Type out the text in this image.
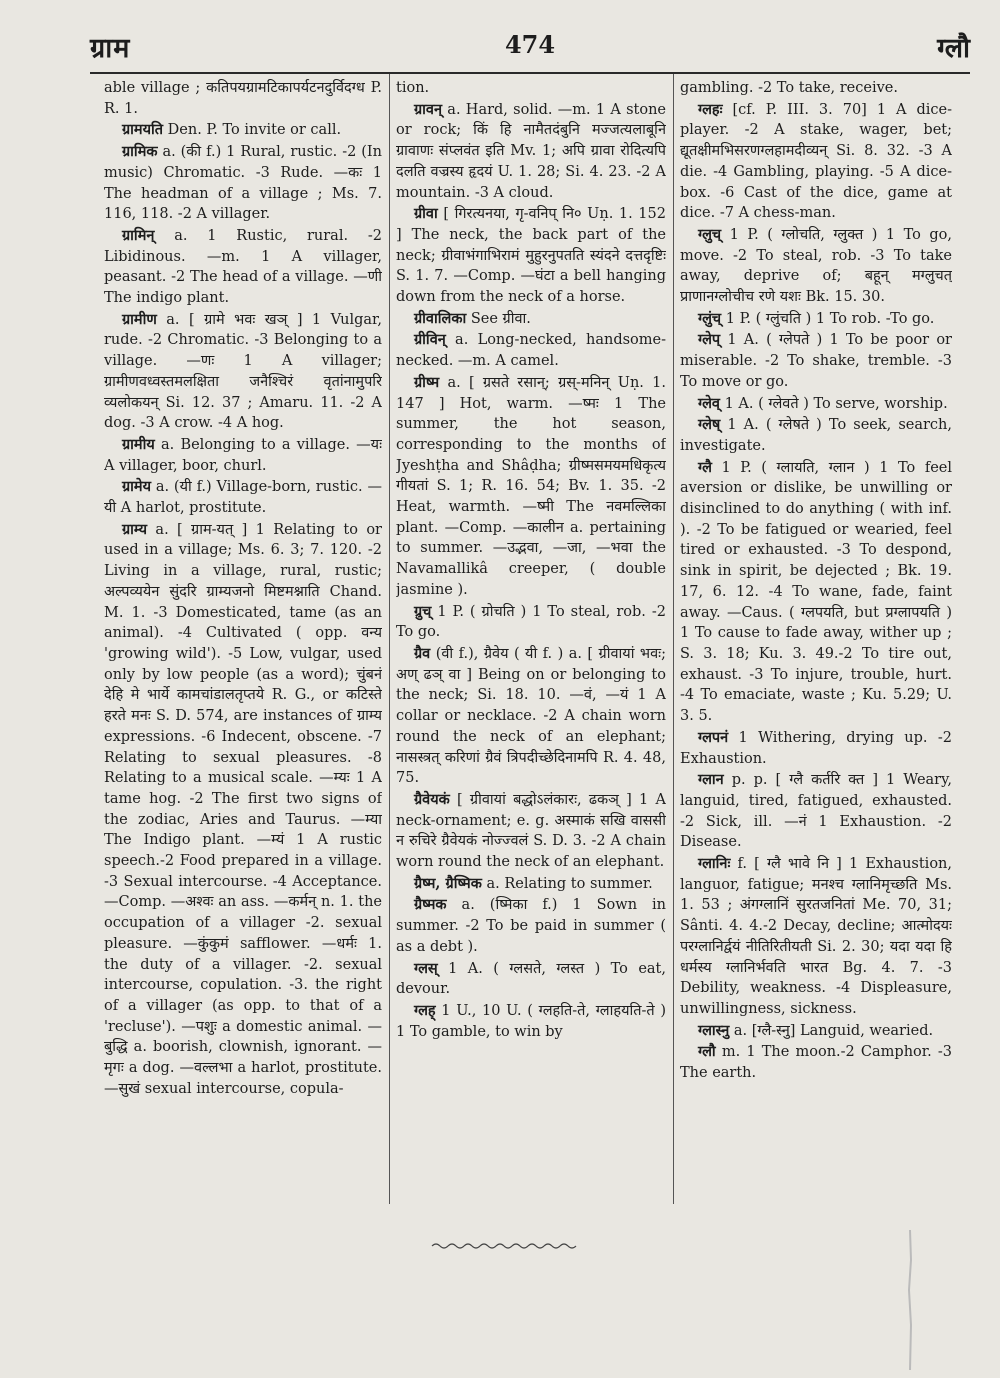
ग्राम	474	ग्लौ

able village ; कतिपयग्रामटिकापर्यटनदुर्विदग्ध P. R. 1.

ग्रामयति Den. P. To invite or call.

ग्रामिक a. (की f.) 1 Rural, rustic. -2 (In music) Chromatic. -3 Rude. —कः 1 The headman of a village ; Ms. 7. 116, 118. -2 A villager.

ग्रामिन् a. 1 Rustic, rural. -2 Libidinous. —m. 1 A villager, peasant. -2 The head of a village. —णी The indigo plant.

ग्रामीण a. [ ग्रामे भवः खञ् ] 1 Vulgar, rude. -2 Chromatic. -3 Belonging to a village. —णः 1 A villager; ग्रामीणवध्वस्तमलक्षिता जनैश्चिरं वृतांनामुपरि व्यलोकयन् Si. 12. 37 ; Amaru. 11. -2 A dog. -3 A crow. -4 A hog.

ग्रामीय a. Belonging to a village. —यः A villager, boor, churl.

ग्रामेय a. (यी f.) Village-born, rustic. —यी A harlot, prostitute.

ग्राम्य a. [ ग्राम-यत् ] 1 Relating to or used in a village; Ms. 6. 3; 7. 120. -2 Living in a village, rural, rustic; अल्पव्ययेन सुंदरि ग्राम्यजनो मिष्टमश्नाति Chand. M. 1. -3 Domesticated, tame (as an animal). -4 Cultivated ( opp. वन्य 'growing wild'). -5 Low, vulgar, used only by low people (as a word); चुंबनं देहि मे भार्ये कामचांडालतृप्तये R. G., or कटिस्ते हरते मनः S. D. 574, are instances of ग्राम्य expressions. -6 Indecent, obscene. -7 Relating to sexual pleasures. -8 Relating to a musical scale. —म्यः 1 A tame hog. -2 The first two signs of the zodiac, Aries and Taurus. —म्या The Indigo plant. —म्यं 1 A rustic speech.-2 Food prepared in a village. -3 Sexual intercourse. -4 Acceptance. —Comp. —अश्वः an ass. —कर्मन् n. 1. the occupation of a villager -2. sexual pleasure. —कुंकुमं safflower. —धर्मः 1. the duty of a villager. -2. sexual intercourse, copulation. -3. the right of a villager (as opp. to that of a 'recluse'). —पशुः a domestic animal. —बुद्धि a. boorish, clownish, ignorant. —मृगः a dog. —वल्लभा a harlot, prostitute. —सुखं sexual intercourse, copula-

tion.

ग्रावन् a. Hard, solid. —m. 1 A stone or rock; किं हि नामैतदंबुनि मज्जत्यलाबूनि ग्रावाणः संप्लवंत इति Mv. 1; अपि ग्रावा रोदित्यपि दलति वज्रस्य हृदयं U. 1. 28; Si. 4. 23. -2 A mountain. -3 A cloud.

ग्रीवा [ गिरत्यनया, गृ-वनिप् नि० Uṇ. 1. 152 ] The neck, the back part of the neck; ग्रीवाभंगाभिरामं मुहुरनुपतति स्यंदने दत्तदृष्टिः S. 1. 7. —Comp. —घंटा a bell hanging down from the neck of a horse.

ग्रीवालिका See ग्रीवा.

ग्रीविन् a. Long-necked, handsome-necked. —m. A camel.

ग्रीष्म a. [ ग्रसते रसान्; ग्रस्-मनिन् Uṇ. 1. 147 ] Hot, warm. —ष्मः 1 The summer, the hot season, corresponding to the months of Jyeshṭha and Shâḍha; ग्रीष्मसमयमधिकृत्य गीयतां S. 1; R. 16. 54; Bv. 1. 35. -2 Heat, warmth. —ष्मी The नवमल्लिका plant. —Comp. —कालीन a. pertaining to summer. —उद्भवा, —जा, —भवा the Navamallikâ creeper, ( double jasmine ).

ग्रुच् 1 P. ( ग्रोचति ) 1 To steal, rob. -2 To go.

ग्रैव (वी f.), ग्रैवेय ( यी f. ) a. [ ग्रीवायां भवः; अण् ढञ् वा ] Being on or belonging to the neck; Si. 18. 10. —वं, —यं 1 A collar or necklace. -2 A chain worn round the neck of an elephant; नासस्त्रत् करिणां ग्रैवं त्रिपदीच्छेदिनामपि R. 4. 48, 75.

ग्रैवेयकं [ ग्रीवायां बद्धोऽलंकारः, ढकञ् ] 1 A neck-ornament; e. g. अस्माकं सखि वाससी न रुचिरे ग्रैवेयकं नोज्ज्वलं S. D. 3. -2 A chain worn round the neck of an elephant.

ग्रैष्म, ग्रैष्मिक a. Relating to summer.

ग्रैष्मक a. (ष्मिका f.) 1 Sown in summer. -2 To be paid in summer ( as a debt ).

ग्लस् 1 A. ( ग्लसते, ग्लस्त ) To eat, devour.

ग्लह् 1 U., 10 U. ( ग्लहति-ते, ग्लाहयति-ते ) 1 To gamble, to win by

gambling. -2 To take, receive.

ग्लहः [cf. P. III. 3. 70] 1 A dice-player. -2 A stake, wager, bet; द्यूतक्षीमभिसरणग्लहामदीव्यन् Si. 8. 32. -3 A die. -4 Gambling, playing. -5 A dice-box. -6 Cast of the dice, game at dice. -7 A chess-man.

ग्लुच् 1 P. ( ग्लोचति, ग्लुक्त ) 1 To go, move. -2 To steal, rob. -3 To take away, deprive of; बहून् मग्लुचत् प्राणानग्लोचीच रणे यशः Bk. 15. 30.

ग्लुंच् 1 P. ( ग्लुंचति ) 1 To rob. -To go.

ग्लेप् 1 A. ( ग्लेपते ) 1 To be poor or miserable. -2 To shake, tremble. -3 To move or go.

ग्लेव् 1 A. ( ग्लेवते ) To serve, worship.

ग्लेष् 1 A. ( ग्लेषते ) To seek, search, investigate.

ग्लै 1 P. ( ग्लायति, ग्लान ) 1 To feel aversion or dislike, be unwilling or disinclined to do anything ( with inf. ). -2 To be fatigued or wearied, feel tired or exhausted. -3 To despond, sink in spirit, be dejected ; Bk. 19. 17, 6. 12. -4 To wane, fade, faint away. —Caus. ( ग्लपयति, but प्रग्लापयति ) 1 To cause to fade away, wither up ; S. 3. 18; Ku. 3. 49.-2 To tire out, exhaust. -3 To injure, trouble, hurt. -4 To emaciate, waste ; Ku. 5.29; U. 3. 5.

ग्लपनं 1 Withering, drying up. -2 Exhaustion.

ग्लान p. p. [ ग्लै कर्तरि क्त ] 1 Weary, languid, tired, fatigued, exhausted. -2 Sick, ill. —नं 1 Exhaustion. -2 Disease.

ग्लानिः f. [ ग्लै भावे नि ] 1 Exhaustion, languor, fatigue; मनश्च ग्लानिमृच्छति Ms. 1. 53 ; अंगग्लानिं सुरतजनितां Me. 70, 31; Sânti. 4. 4.-2 Decay, decline; आत्मोदयः परग्लानिर्द्वयं नीतिरितीयती Si. 2. 30; यदा यदा हि धर्मस्य ग्लानिर्भवति भारत Bg. 4. 7. -3 Debility, weakness. -4 Displeasure, unwillingness, sickness.

ग्लास्नु a. [ग्लै-स्नु] Languid, wearied.

ग्लौ m. 1 The moon.-2 Camphor. -3 The earth.
